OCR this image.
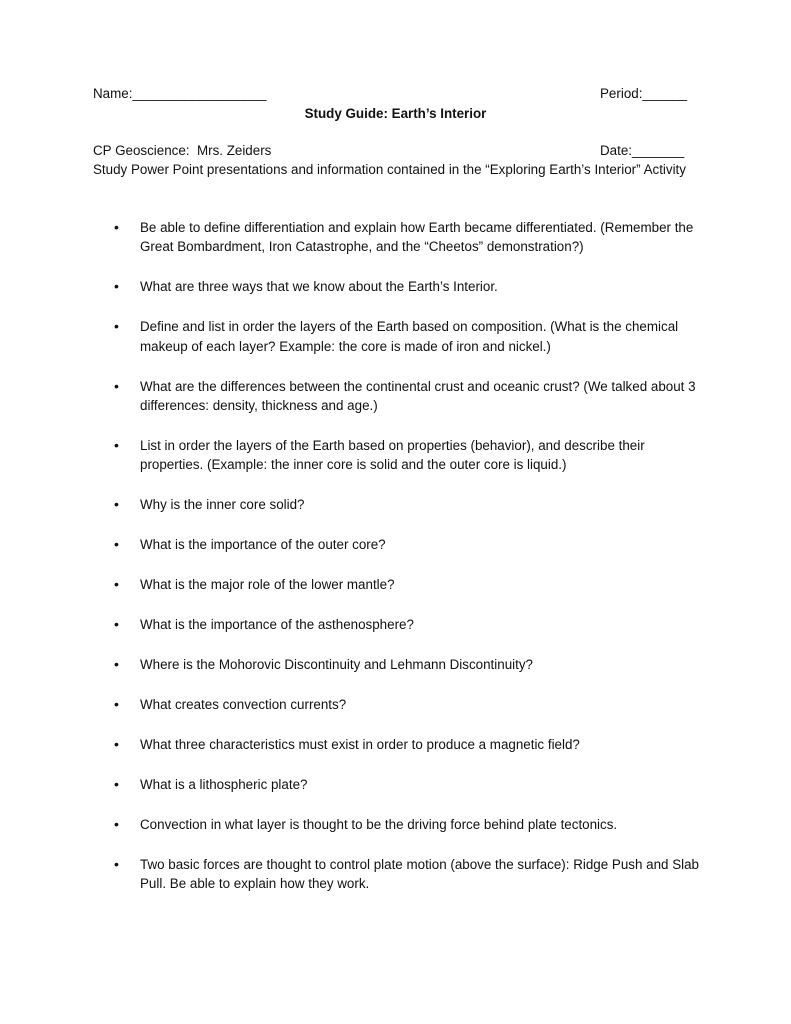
Name:__________________

CP Geoscience:  Mrs. Zeiders

Period:______

Date:_______

Study Guide: Earth’s Interior
Study Power Point presentations and information contained in the “Exploring Earth’s Interior” Activity
• Be able to define differentiation and explain how Earth became differentiated. (Remember the Great Bombardment, Iron Catastrophe, and the “Cheetos” demonstration?)
• What are three ways that we know about the Earth’s Interior.
• Define and list in order the layers of the Earth based on composition. (What is the chemical makeup of each layer? Example: the core is made of iron and nickel.)
• What are the differences between the continental crust and oceanic crust? (We talked about 3 differences: density, thickness and age.)
• List in order the layers of the Earth based on properties (behavior), and describe their properties. (Example: the inner core is solid and the outer core is liquid.)
• Why is the inner core solid?
• What is the importance of the outer core?
• What is the major role of the lower mantle?
• What is the importance of the asthenosphere?
• Where is the Mohorovic Discontinuity and Lehmann Discontinuity?
• What creates convection currents?
• What three characteristics must exist in order to produce a magnetic field?
• What is a lithospheric plate?
• Convection in what layer is thought to be the driving force behind plate tectonics.
• Two basic forces are thought to control plate motion (above the surface): Ridge Push and Slab Pull. Be able to explain how they work.
